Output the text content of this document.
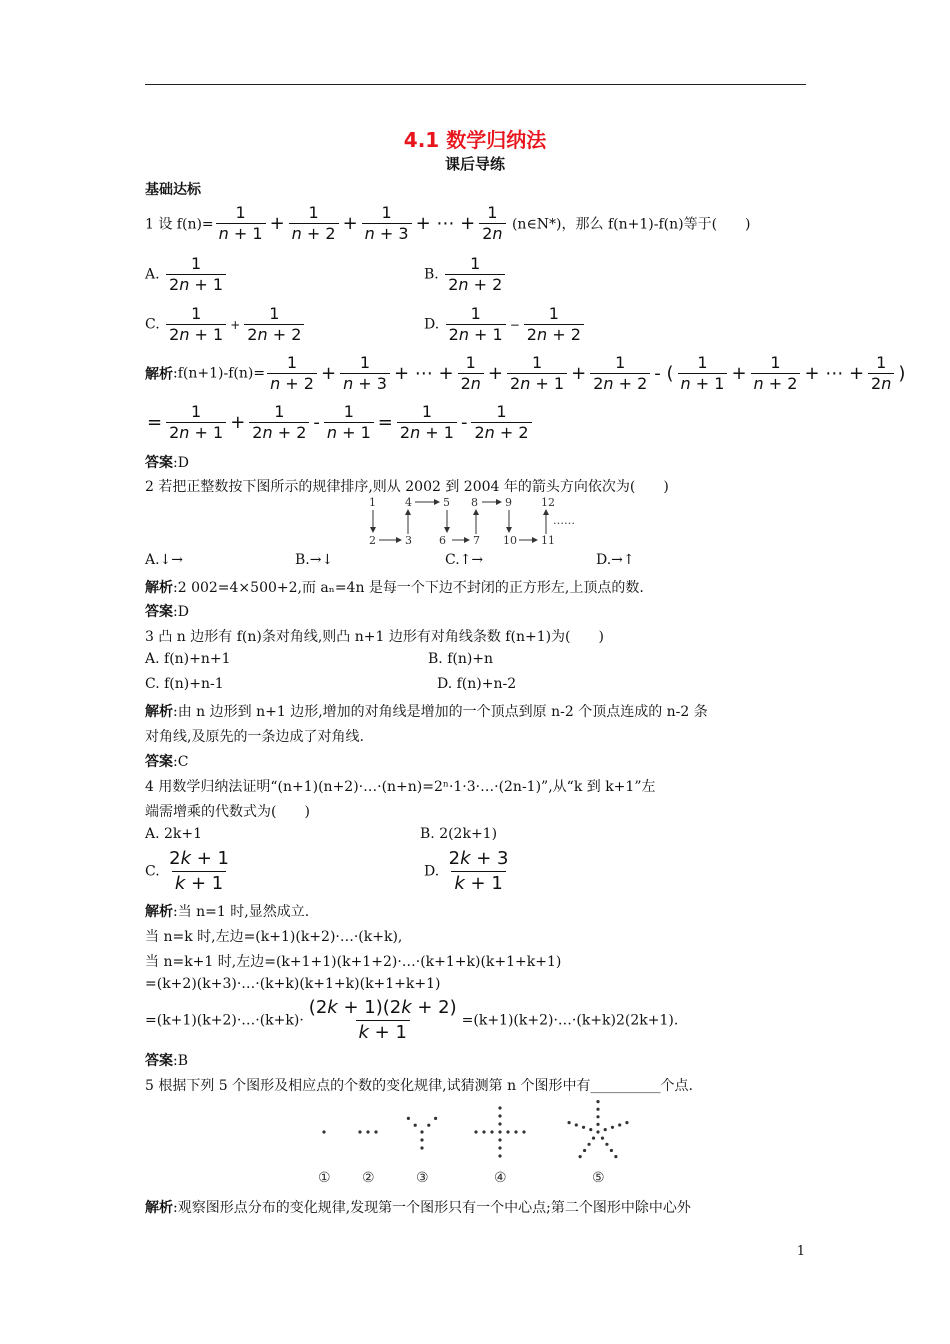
4.1 数学归纳法
课后导练
基础达标
1 设 $f(n)= \frac{1}{n + 1} + \frac{1}{n + 2} + \frac{1}{n + 3}$ + ⋯ + $\frac{1}{2n}$ (n∈N*)，那么 f(n+1)-f(n)等于(　　)
A. $\frac{1}{2n + 1}$	B. $\frac{1}{2n + 2}$
C. $\frac{1}{2n + 1} + \frac{1}{2n + 2}$	D. $\frac{1}{2n + 1} - \frac{1}{2n + 2}$
解析:f(n+1)-f(n)= $\frac{1}{n + 2} + \frac{1}{n + 3}$ + ⋯ + $\frac{1}{2n} + \frac{1}{2n + 1} + \frac{1}{2n + 2}$ - ( $\frac{1}{n + 1} + \frac{1}{n + 2}$ + ⋯ + $\frac{1}{2n}$ )
= $\frac{1}{2n + 1} + \frac{1}{2n + 2} - \frac{1}{n + 1} = \frac{1}{2n + 1} - \frac{1}{2n + 2}$
答案:D
2 若把正整数按下图所示的规律排序,则从 2002 到 2004 年的箭头方向依次为(　　)
1	4	5 8 9	12
……
2	3 6 7 10 11
A.↓→	B.→↓	C.↑→	D.→↑
解析:2 002=4×500+2,而 aₙ=4n 是每一个下边不封闭的正方形左,上顶点的数.
答案:D
3 凸 n 边形有 f(n)条对角线,则凸 n+1 边形有对角线条数 f(n+1)为(　　)
A. f(n)+n+1	B. f(n)+n
C. f(n)+n-1	D. f(n)+n-2
解析:由 n 边形到 n+1 边形,增加的对角线是增加的一个顶点到原 n-2 个顶点连成的 n-2 条
对角线,及原先的一条边成了对角线.
答案:C
4 用数学归纳法证明“(n+1)(n+2)·…·(n+n)=2ⁿ·1·3·…·(2n-1)”,从“k 到 k+1”左
端需增乘的代数式为(　　)
A. 2k+1	B. 2(2k+1)
C. $\frac{2k + 1}{k + 1}$	D. $\frac{2k + 3}{k + 1}$
解析:当 n=1 时,显然成立.
当 n=k 时,左边=(k+1)(k+2)·…·(k+k),
当 n=k+1 时,左边=(k+1+1)(k+1+2)·…·(k+1+k)(k+1+k+1)
=(k+2)(k+3)·…·(k+k)(k+1+k)(k+1+k+1)
=(k+1)(k+2)·…·(k+k)· $\frac{(2k + 1)(2k + 2)}{k + 1}$ =(k+1)(k+2)·…·(k+k)2(2k+1).
答案:B
5 根据下列 5 个图形及相应点的个数的变化规律,试猜测第 n 个图形中有__________个点.
① ②	③	④	⑤
解析:观察图形点分布的变化规律,发现第一个图形只有一个中心点;第二个图形中除中心外
1
